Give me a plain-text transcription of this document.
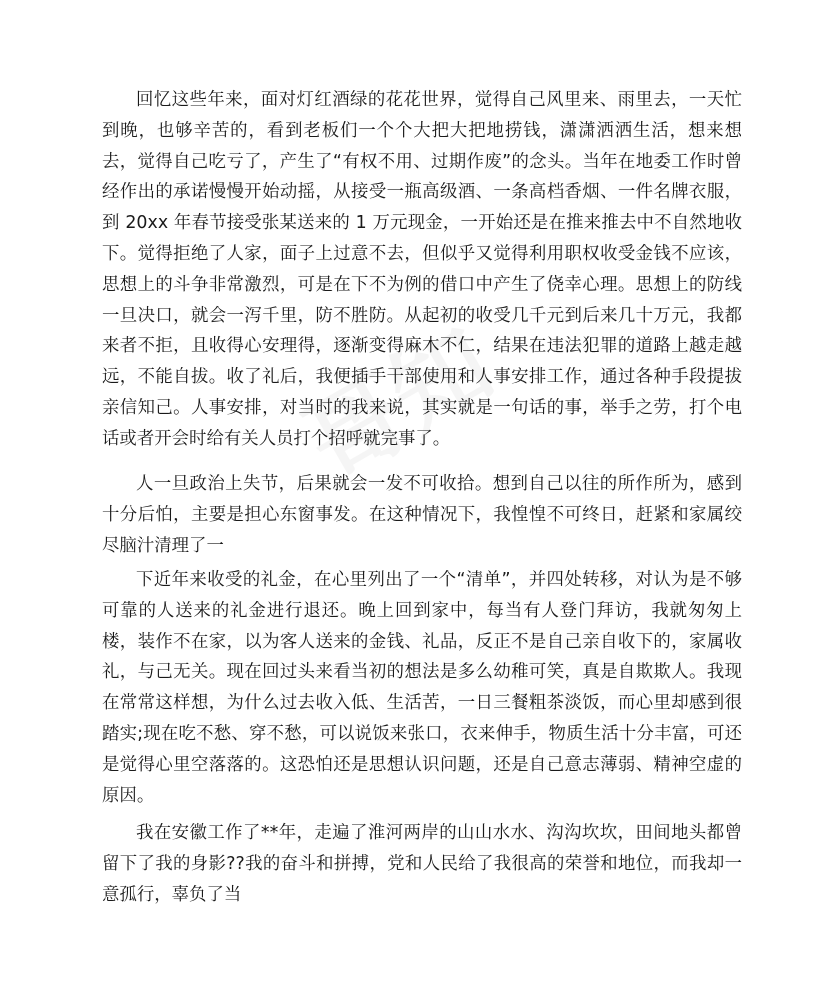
回忆这些年来，面对灯红酒绿的花花世界，觉得自己风里来、雨里去，一天忙到晚，也够辛苦的，看到老板们一个个大把大把地捞钱，潇潇洒洒生活，想来想去，觉得自己吃亏了，产生了“有权不用、过期作废”的念头。当年在地委工作时曾经作出的承诺慢慢开始动摇，从接受一瓶高级酒、一条高档香烟、一件名牌衣服，到 20xx 年春节接受张某送来的 1 万元现金，一开始还是在推来推去中不自然地收下。觉得拒绝了人家，面子上过意不去，但似乎又觉得利用职权收受金钱不应该，思想上的斗争非常激烈，可是在下不为例的借口中产生了侥幸心理。思想上的防线一旦决口，就会一泻千里，防不胜防。从起初的收受几千元到后来几十万元，我都来者不拒，且收得心安理得，逐渐变得麻木不仁，结果在违法犯罪的道路上越走越远，不能自拔。收了礼后，我便插手干部使用和人事安排工作，通过各种手段提拔亲信知己。人事安排，对当时的我来说，其实就是一句话的事，举手之劳，打个电话或者开会时给有关人员打个招呼就完事了。

人一旦政治上失节，后果就会一发不可收拾。想到自己以往的所作所为，感到十分后怕，主要是担心东窗事发。在这种情况下，我惶惶不可终日，赶紧和家属绞尽脑汁清理了一

下近年来收受的礼金，在心里列出了一个“清单”，并四处转移，对认为是不够可靠的人送来的礼金进行退还。晚上回到家中，每当有人登门拜访，我就匆匆上楼，装作不在家，以为客人送来的金钱、礼品，反正不是自己亲自收下的，家属收礼，与己无关。现在回过头来看当初的想法是多么幼稚可笑，真是自欺欺人。我现在常常这样想，为什么过去收入低、生活苦，一日三餐粗茶淡饭，而心里却感到很踏实;现在吃不愁、穿不愁，可以说饭来张口，衣来伸手，物质生活十分丰富，可还是觉得心里空落落的。这恐怕还是思想认识问题，还是自己意志薄弱、精神空虚的原因。

我在安徽工作了**年，走遍了淮河两岸的山山水水、沟沟坎坎，田间地头都曾留下了我的身影??我的奋斗和拼搏，党和人民给了我很高的荣誉和地位，而我却一意孤行，辜负了当
